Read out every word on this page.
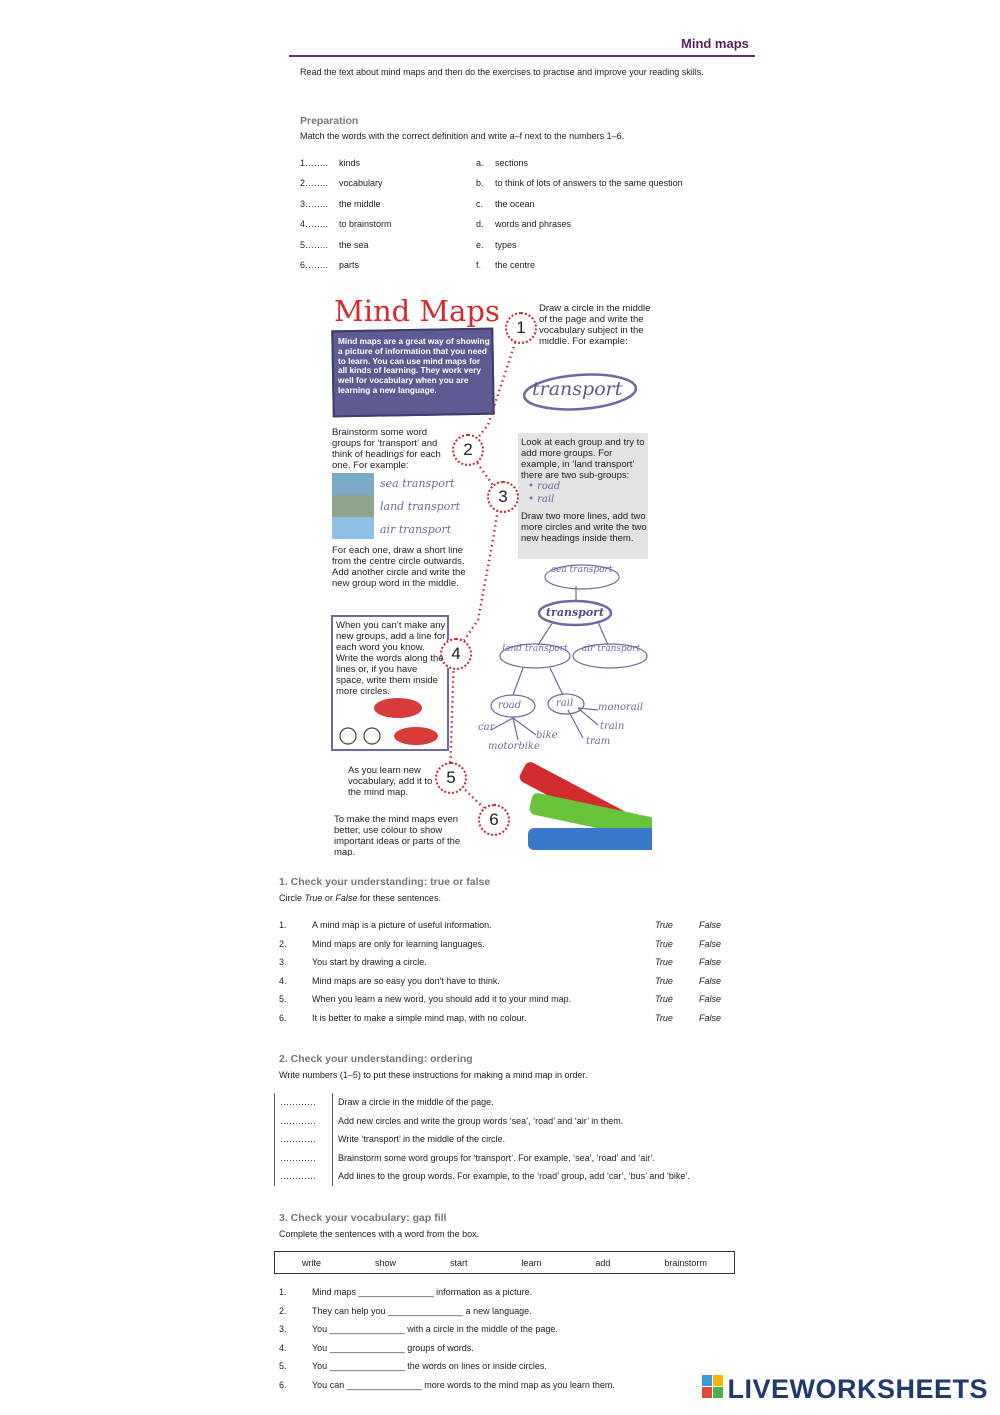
Mind maps
Read the text about mind maps and then do the exercises to practise and improve your reading skills.
Preparation
Match the words with the correct definition and write a–f next to the numbers 1–6.
1…….. kinds
2…….. vocabulary
3…….. the middle
4…….. to brainstorm
5…….. the sea
6…….. parts
a. sections
b. to think of lots of answers to the same question
c. the ocean
d. words and phrases
e. types
f. the centre
Mind Maps
Mind maps are a great way of showing a picture of information that you need to learn. You can use mind maps for all kinds of learning. They work very well for vocabulary when you are learning a new language.
1
2
3
4
5
6
Draw a circle in the middle of the page and write the vocabulary subject in the middle. For example:
transport
Brainstorm some word groups for ‘transport’ and think of headings for each one. For example:
sea transport
land transport
air transport
For each one, draw a short line from the centre circle outwards. Add another circle and write the new group word in the middle.
Look at each group and try to add more groups. For example, in ‘land transport’ there are two sub-groups:
• road
• rail
Draw two more lines, add two more circles and write the two new headings inside them.
sea transport
transport
land transport	air transport
road	rail
car
bike
motorbike
monorail
train
tram
When you can’t make any new groups, add a line for each word you know. Write the words along the lines or, if you have space, write them inside more circles.
As you learn new vocabulary, add it to the mind map.
To make the mind maps even better, use colour to show important ideas or parts of the map.
1. Check your understanding: true or false
Circle True or False for these sentences.
1.	A mind map is a picture of useful information.	True	False
2.	Mind maps are only for learning languages.	True	False
3.	You start by drawing a circle.	True	False
4.	Mind maps are so easy you don't have to think.	True	False
5.	When you learn a new word, you should add it to your mind map.	True	False
6.	It is better to make a simple mind map, with no colour.	True	False
2. Check your understanding: ordering
Write numbers (1–5) to put these instructions for making a mind map in order.
…………	Draw a circle in the middle of the page.
…………	Add new circles and write the group words ‘sea’, ‘road’ and ‘air’ in them.
…………	Write ‘transport’ in the middle of the circle.
…………	Brainstorm some word groups for ‘transport’. For example, ‘sea’, ‘road’ and ‘air’.
…………	Add lines to the group words. For example, to the ‘road’ group, add ‘car’, ‘bus’ and ‘bike’.
3. Check your vocabulary: gap fill
Complete the sentences with a word from the box.
write	show	start	learn	add	brainstorm
1.	Mind maps _______________ information as a picture.
2.	They can help you _______________ a new language.
3.	You _______________ with a circle in the middle of the page.
4.	You _______________ groups of words.
5.	You _______________ the words on lines or inside circles.
6.	You can _______________ more words to the mind map as you learn them.	LIVEWORKSHEETS
